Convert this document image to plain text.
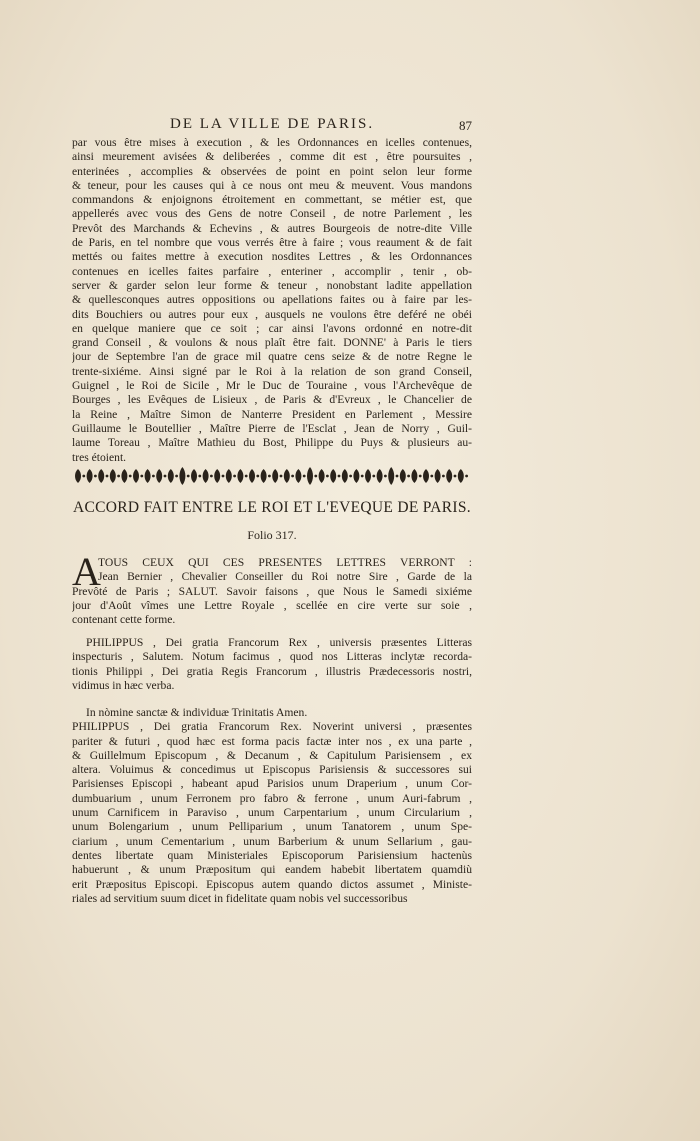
DE LA VILLE DE PARIS.	87
par vous être mises à execution , & les Ordonnances en icelles contenues,
ainsi meurement avisées & deliberées , comme dit est , être poursuites ,
enterinées , accomplies & observées de point en point selon leur forme
& teneur, pour les causes qui à ce nous ont meu & meuvent. Vous mandons
commandons & enjoignons étroitement en commettant, se métier est, que
appellerés avec vous des Gens de notre Conseil , de notre Parlement , les
Prevôt des Marchands & Echevins , & autres Bourgeois de notre-dite Ville
de Paris, en tel nombre que vous verrés être à faire ; vous reaument & de fait
mettés ou faites mettre à execution nosdites Lettres , & les Ordonnances
contenues en icelles faites parfaire , enteriner , accomplir , tenir , ob-
server & garder selon leur forme & teneur , nonobstant ladite appellation
& quellesconques autres oppositions ou apellations faites ou à faire par les-
dits Bouchiers ou autres pour eux , ausquels ne voulons être deféré ne obéi
en quelque maniere que ce soit ; car ainsi l'avons ordonné en notre-dit
grand Conseil , & voulons & nous plaît être fait. DONNE' à Paris le tiers
jour de Septembre l'an de grace mil quatre cens seize & de notre Regne le
trente-sixiéme. Ainsi signé par le Roi à la relation de son grand Conseil,
Guignel , le Roi de Sicile , Mr le Duc de Touraine , vous l'Archevêque de
Bourges , les Evêques de Lisieux , de Paris & d'Evreux , le Chancelier de
la Reine , Maître Simon de Nanterre President en Parlement , Messire
Guillaume le Boutellier , Maître Pierre de l'Esclat , Jean de Norry , Guil-
laume Toreau , Maître Mathieu du Bost, Philippe du Puys & plusieurs au-
tres étoient.
ACCORD FAIT ENTRE LE ROI ET L'EVEQUE DE PARIS.
Folio 317.
A
TOUS CEUX QUI CES PRESENTES LETTRES VERRONT :
Jean Bernier , Chevalier Conseiller du Roi notre Sire , Garde de la
Prevôté de Paris ; SALUT. Savoir faisons , que Nous le Samedi sixiéme
jour d'Août vîmes une Lettre Royale , scellée en cire verte sur soie ,
contenant cette forme.
PHILIPPUS , Dei gratia Francorum Rex , universis præsentes Litteras
inspecturis , Salutem. Notum facimus , quod nos Litteras inclytæ recorda-
tionis Philippi , Dei gratia Regis Francorum , illustris Prædecessoris nostri,
vidimus in hæc verba.
In nòmine sanctæ & individuæ Trinitatis Amen.
PHILIPPUS , Dei gratia Francorum Rex. Noverint universi , præsentes
pariter & futuri , quod hæc est forma pacis factæ inter nos , ex una parte ,
& Guillelmum Episcopum , & Decanum , & Capitulum Parisiensem , ex
altera. Voluimus & concedimus ut Episcopus Parisiensis & successores sui
Parisienses Episcopi , habeant apud Parisios unum Draperium , unum Cor-
dumbuarium , unum Ferronem pro fabro & ferrone , unum Auri-fabrum ,
unum Carnificem in Paraviso , unum Carpentarium , unum Circularium ,
unum Bolengarium , unum Pelliparium , unum Tanatorem , unum Spe-
ciarium , unum Cementarium , unum Barberium & unum Sellarium , gau-
dentes libertate quam Ministeriales Episcoporum Parisiensium hactenùs
habuerunt , & unum Præpositum qui eandem habebit libertatem quamdiù
erit Præpositus Episcopi. Episcopus autem quando dictos assumet , Ministe-
riales ad servitium suum dicet in fidelitate quam nobis vel successoribus
